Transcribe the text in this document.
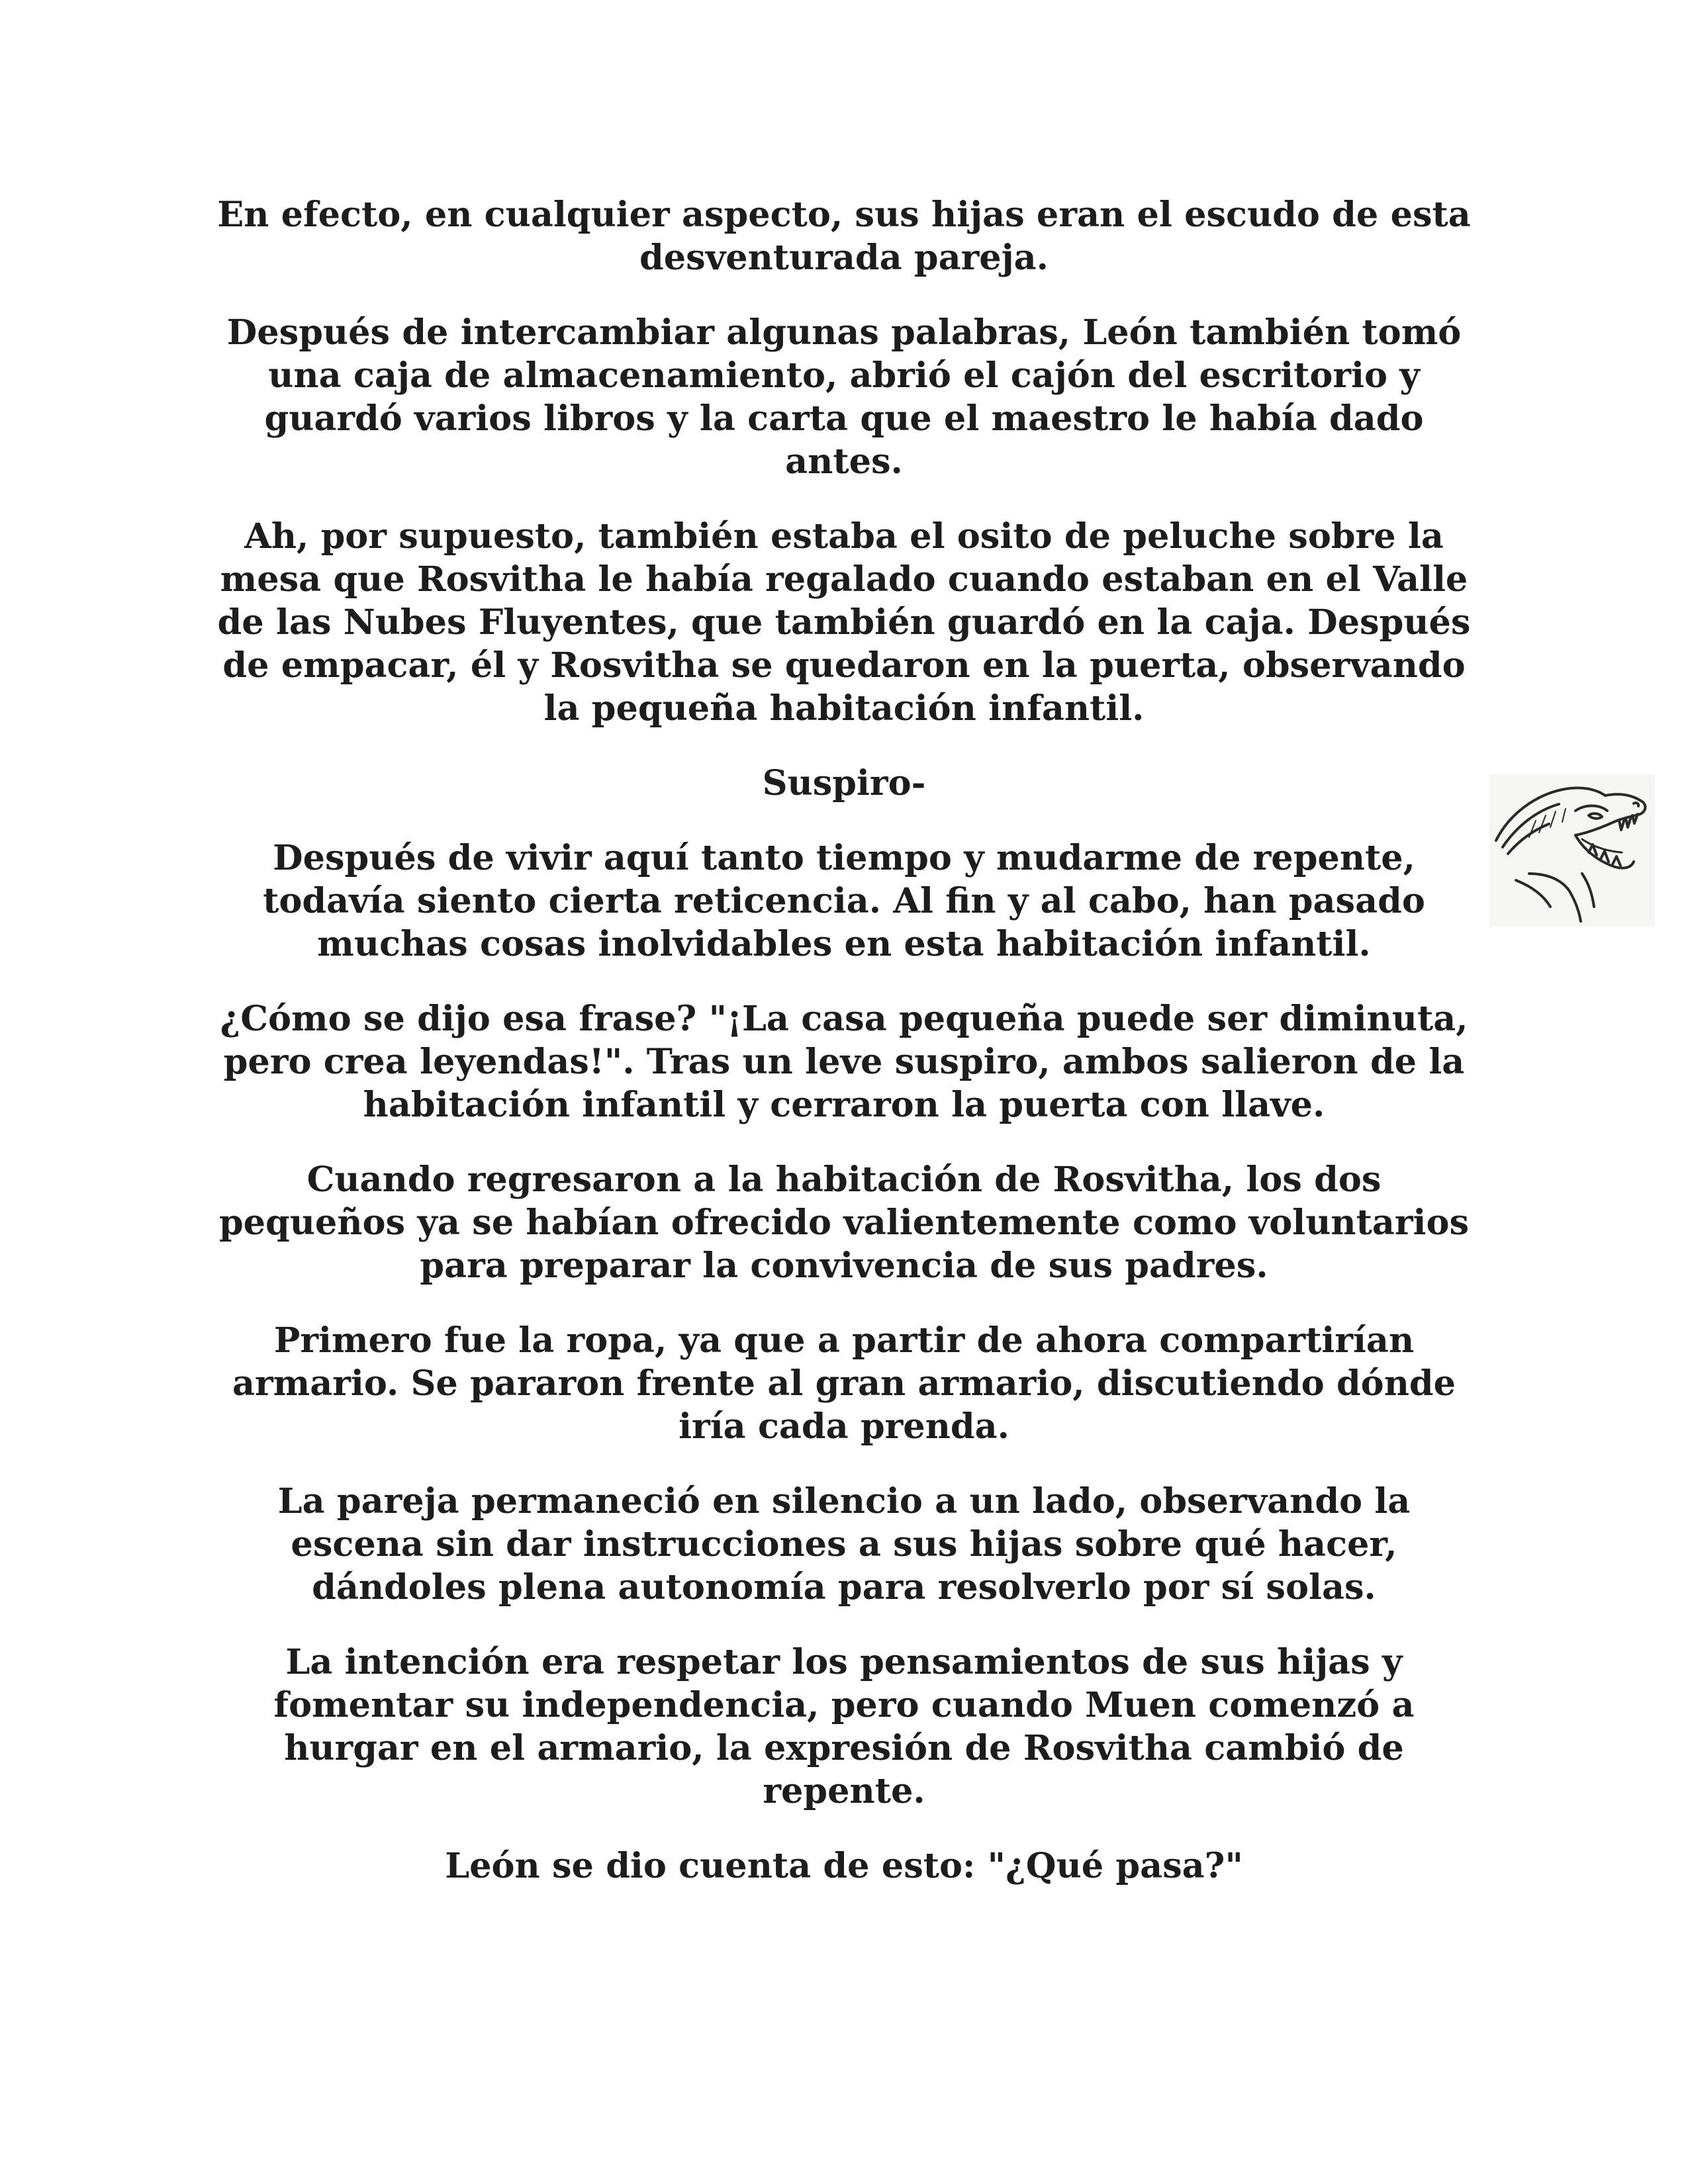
En efecto, en cualquier aspecto, sus hijas eran el escudo de esta desventurada pareja.

Después de intercambiar algunas palabras, León también tomó una caja de almacenamiento, abrió el cajón del escritorio y guardó varios libros y la carta que el maestro le había dado antes.

Ah, por supuesto, también estaba el osito de peluche sobre la mesa que Rosvitha le había regalado cuando estaban en el Valle de las Nubes Fluyentes, que también guardó en la caja. Después de empacar, él y Rosvitha se quedaron en la puerta, observando la pequeña habitación infantil.

Suspiro-

Después de vivir aquí tanto tiempo y mudarme de repente, todavía siento cierta reticencia. Al fin y al cabo, han pasado muchas cosas inolvidables en esta habitación infantil.

¿Cómo se dijo esa frase? "¡La casa pequeña puede ser diminuta, pero crea leyendas!". Tras un leve suspiro, ambos salieron de la habitación infantil y cerraron la puerta con llave.

Cuando regresaron a la habitación de Rosvitha, los dos pequeños ya se habían ofrecido valientemente como voluntarios para preparar la convivencia de sus padres.

Primero fue la ropa, ya que a partir de ahora compartirían armario. Se pararon frente al gran armario, discutiendo dónde iría cada prenda.

La pareja permaneció en silencio a un lado, observando la escena sin dar instrucciones a sus hijas sobre qué hacer, dándoles plena autonomía para resolverlo por sí solas.

La intención era respetar los pensamientos de sus hijas y fomentar su independencia, pero cuando Muen comenzó a hurgar en el armario, la expresión de Rosvitha cambió de repente.

León se dio cuenta de esto: "¿Qué pasa?"
